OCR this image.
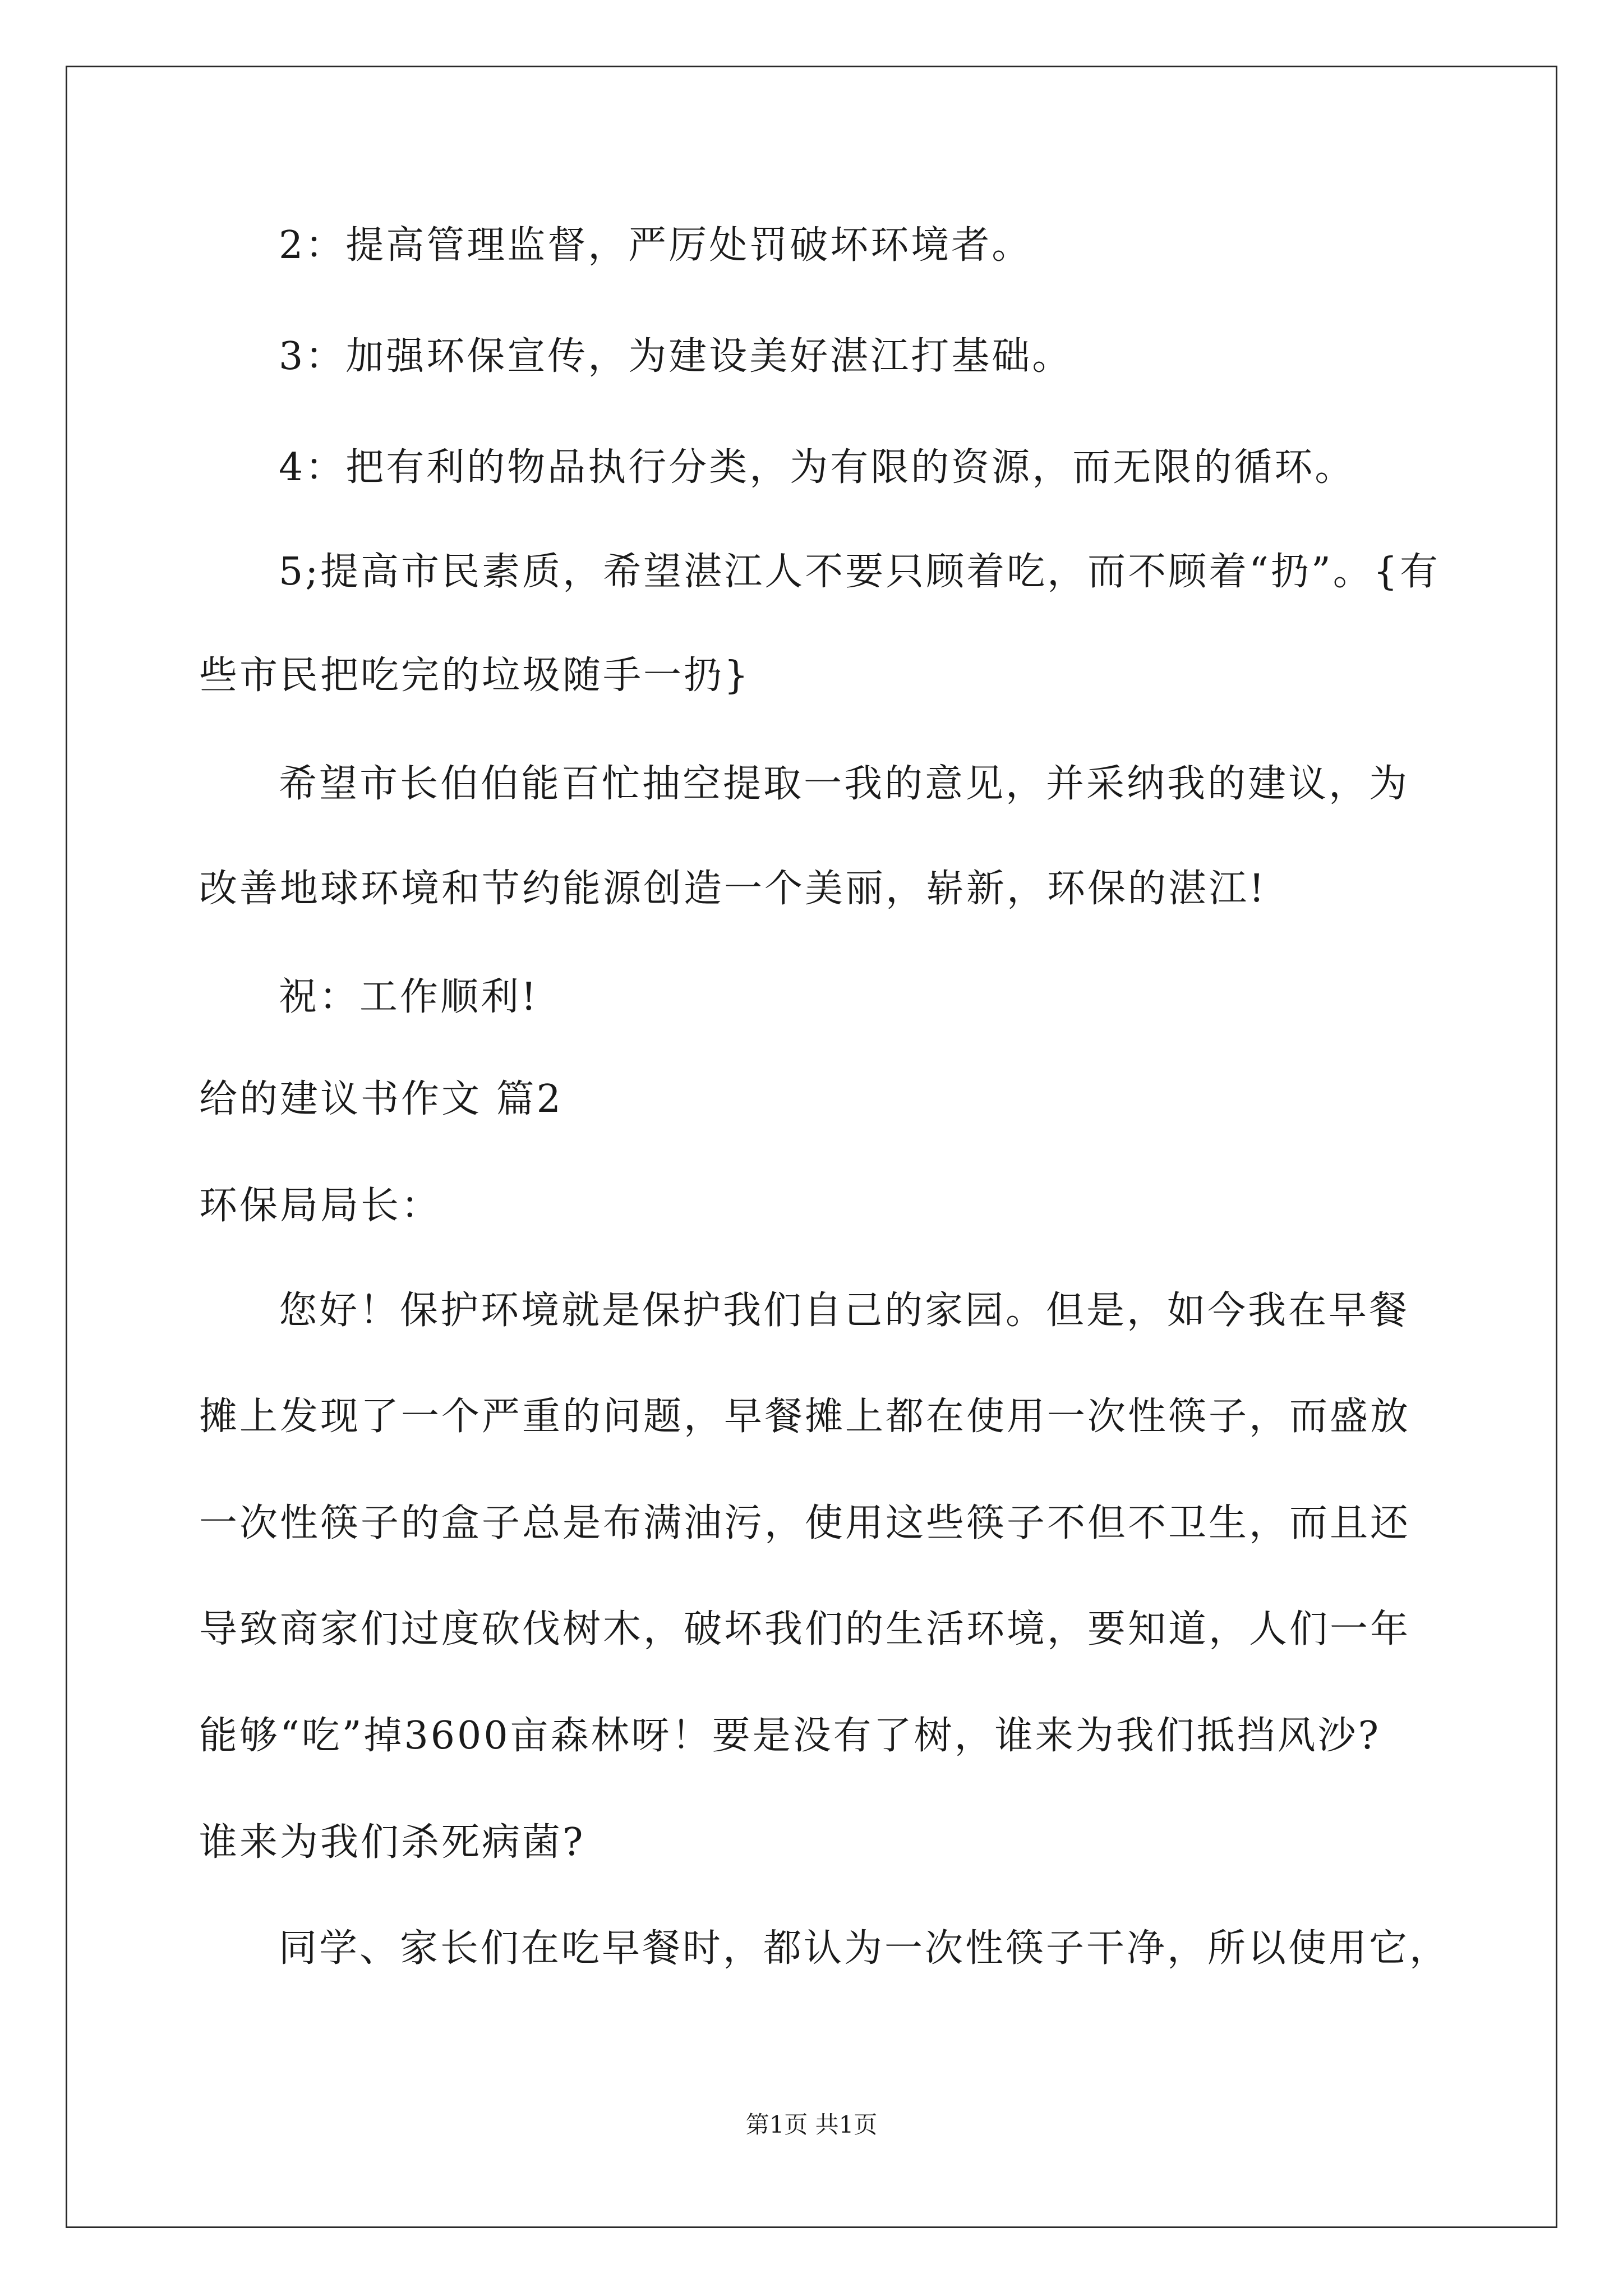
2：提高管理监督，严厉处罚破坏环境者。

3：加强环保宣传，为建设美好湛江打基础。

4：把有利的物品执行分类，为有限的资源，而无限的循环。

5;提高市民素质，希望湛江人不要只顾着吃，而不顾着“扔”。{有

些市民把吃完的垃圾随手一扔}

希望市长伯伯能百忙抽空提取一我的意见，并采纳我的建议，为

改善地球环境和节约能源创造一个美丽，崭新，环保的湛江!

祝：工作顺利!

给的建议书作文 篇2

环保局局长：

您好！保护环境就是保护我们自己的家园。但是，如今我在早餐

摊上发现了一个严重的问题，早餐摊上都在使用一次性筷子，而盛放

一次性筷子的盒子总是布满油污，使用这些筷子不但不卫生，而且还

导致商家们过度砍伐树木，破坏我们的生活环境，要知道，人们一年

能够“吃”掉3600亩森林呀！要是没有了树，谁来为我们抵挡风沙?

谁来为我们杀死病菌?

同学、家长们在吃早餐时，都认为一次性筷子干净，所以使用它，

第1页 共1页
